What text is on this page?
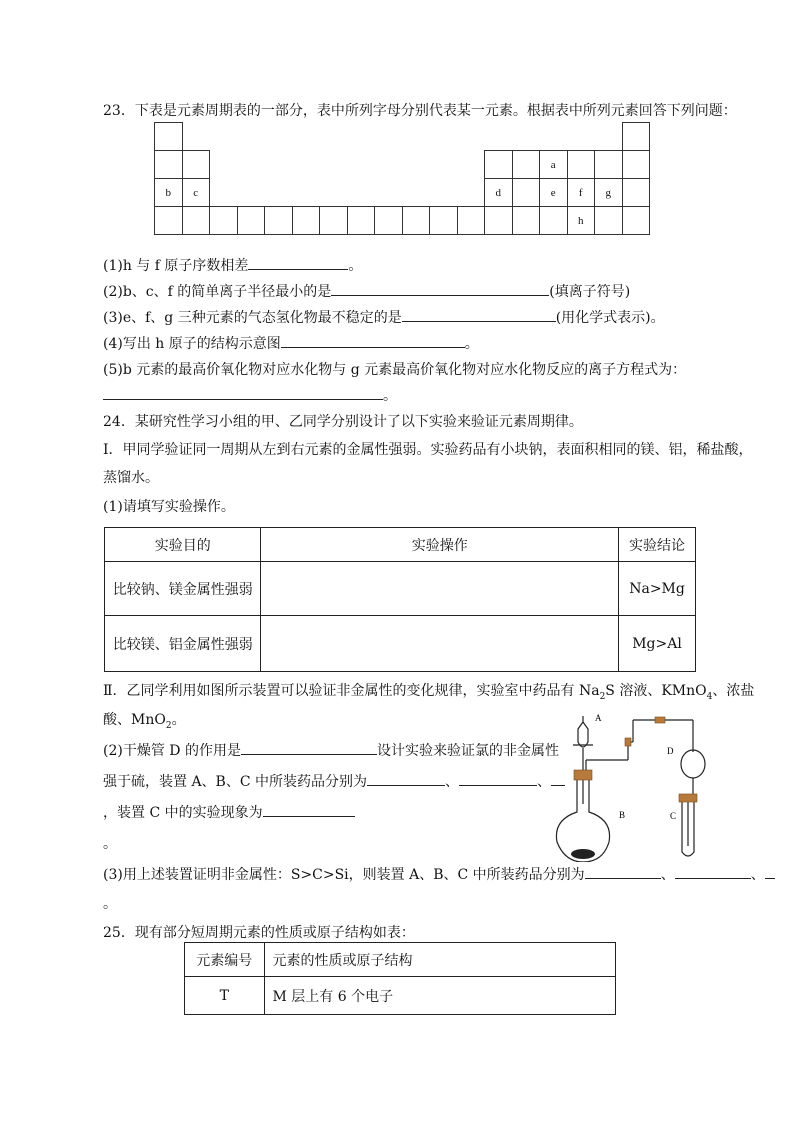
23．下表是元素周期表的一部分，表中所列字母分别代表某一元素。根据表中所列元素回答下列问题：

														a			
b	c											d		e	f	g	
															h		
(1)h 与 f 原子序数相差	。
(2)b、c、f 的简单离子半径最小的是	(填离子符号)
(3)e、f、g 三种元素的气态氢化物最不稳定的是	(用化学式表示)。
(4)写出 h 原子的结构示意图	。
(5)b 元素的最高价氧化物对应水化物与 g 元素最高价氧化物对应水化物反应的离子方程式为：
。
24．某研究性学习小组的甲、乙同学分别设计了以下实验来验证元素周期律。
I．甲同学验证同一周期从左到右元素的金属性强弱。实验药品有小块钠，表面积相同的镁、铝，稀盐酸，
蒸馏水。
(1)请填写实验操作。
实验目的	实验操作	实验结论
比较钠、镁金属性强弱		Na>Mg
比较镁、铝金属性强弱		Mg>Al
Ⅱ．乙同学利用如图所示装置可以验证非金属性的变化规律，实验室中药品有 $Na_2S$ 溶液、KMnO$_4$、浓盐
酸、MnO$_2$。
(2)干燥管 D 的作用是	设计实验来验证氯的非金属性
强于硫，装置 A、B、C 中所装药品分别为	、	、
，装置 C 中的实验现象为
。
A
B	C
D
(3)用上述装置证明非金属性：S>C>Si，则装置 A、B、C 中所装药品分别为	、	、
。
25．现有部分短周期元素的性质或原子结构如表：
元素编号	元素的性质或原子结构
T	M 层上有 6 个电子
